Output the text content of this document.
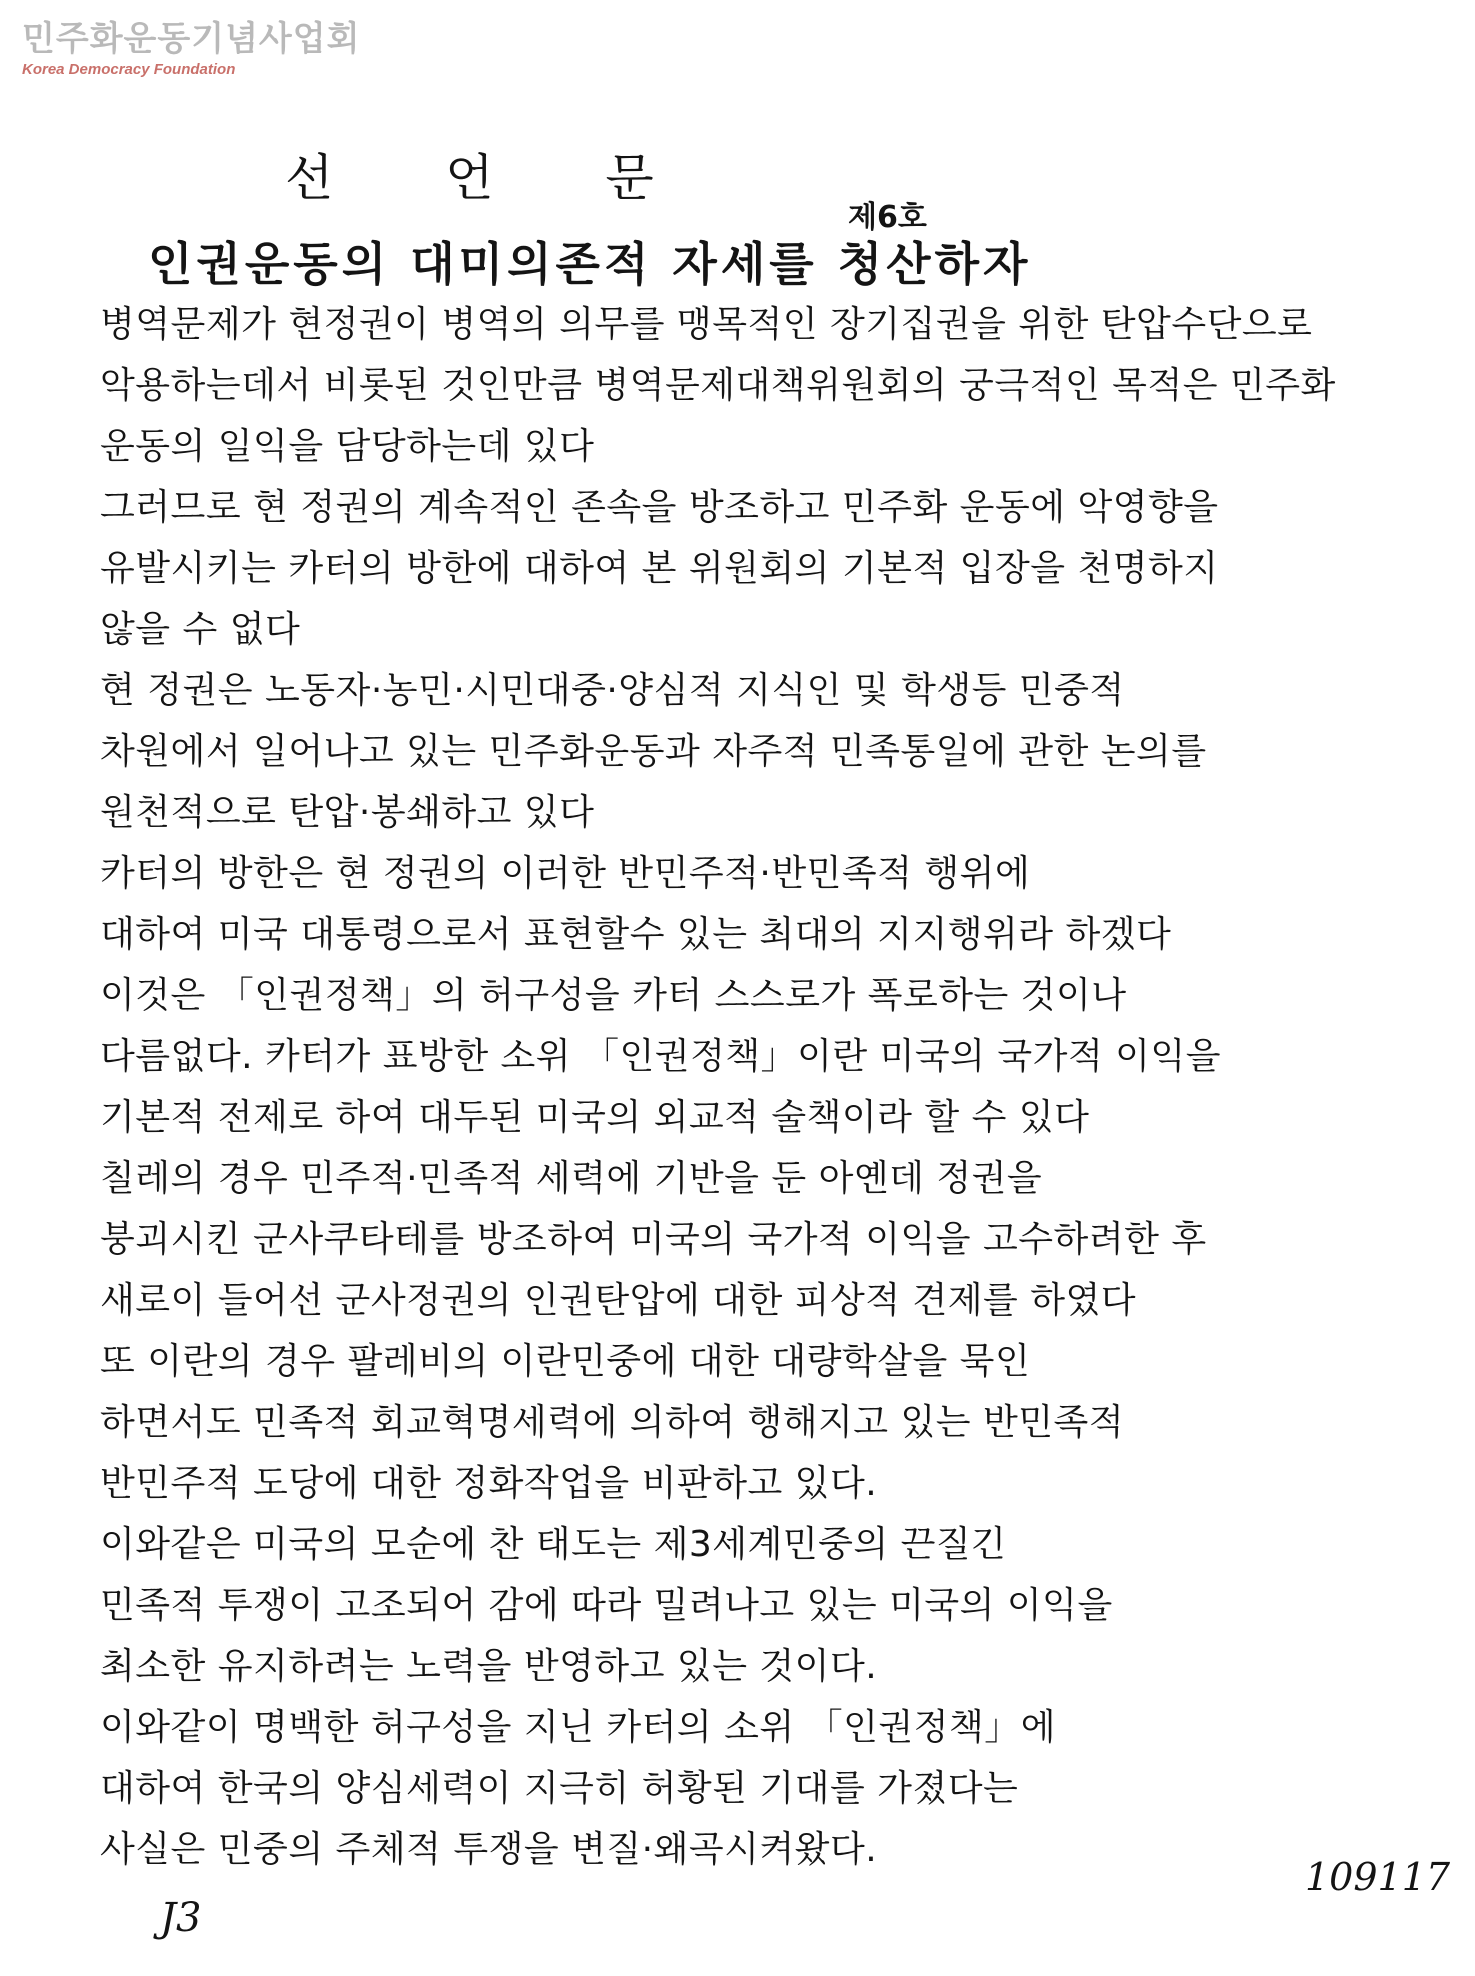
민주화운동기념사업회
Korea Democracy Foundation
선 언 문
제6호
인권운동의 대미의존적 자세를 청산하자
병역문제가 현정권이 병역의 의무를 맹목적인 장기집권을 위한 탄압수단으로
악용하는데서 비롯된 것인만큼 병역문제대책위원회의 궁극적인 목적은 민주화
운동의 일익을 담당하는데 있다
그러므로 현 정권의 계속적인 존속을 방조하고 민주화 운동에 악영향을
유발시키는 카터의 방한에 대하여 본 위원회의 기본적 입장을 천명하지
않을 수 없다
현 정권은 노동자·농민·시민대중·양심적 지식인 및 학생등 민중적
차원에서 일어나고 있는 민주화운동과 자주적 민족통일에 관한 논의를
원천적으로 탄압·봉쇄하고 있다
카터의 방한은 현 정권의 이러한 반민주적·반민족적 행위에
대하여 미국 대통령으로서 표현할수 있는 최대의 지지행위라 하겠다
이것은 「인권정책」의 허구성을 카터 스스로가 폭로하는 것이나
다름없다. 카터가 표방한 소위 「인권정책」이란 미국의 국가적 이익을
기본적 전제로 하여 대두된 미국의 외교적 술책이라 할 수 있다
칠레의 경우 민주적·민족적 세력에 기반을 둔 아옌데 정권을
붕괴시킨 군사쿠타테를 방조하여 미국의 국가적 이익을 고수하려한 후
새로이 들어선 군사정권의 인권탄압에 대한 피상적 견제를 하였다
또 이란의 경우 팔레비의 이란민중에 대한 대량학살을 묵인
하면서도 민족적 회교혁명세력에 의하여 행해지고 있는 반민족적
반민주적 도당에 대한 정화작업을 비판하고 있다.
이와같은 미국의 모순에 찬 태도는 제3세계민중의 끈질긴
민족적 투쟁이 고조되어 감에 따라 밀려나고 있는 미국의 이익을
최소한 유지하려는 노력을 반영하고 있는 것이다.
이와같이 명백한 허구성을 지닌 카터의 소위 「인권정책」에
대하여 한국의 양심세력이 지극히 허황된 기대를 가졌다는
사실은 민중의 주체적 투쟁을 변질·왜곡시켜왔다.
109117
J3
